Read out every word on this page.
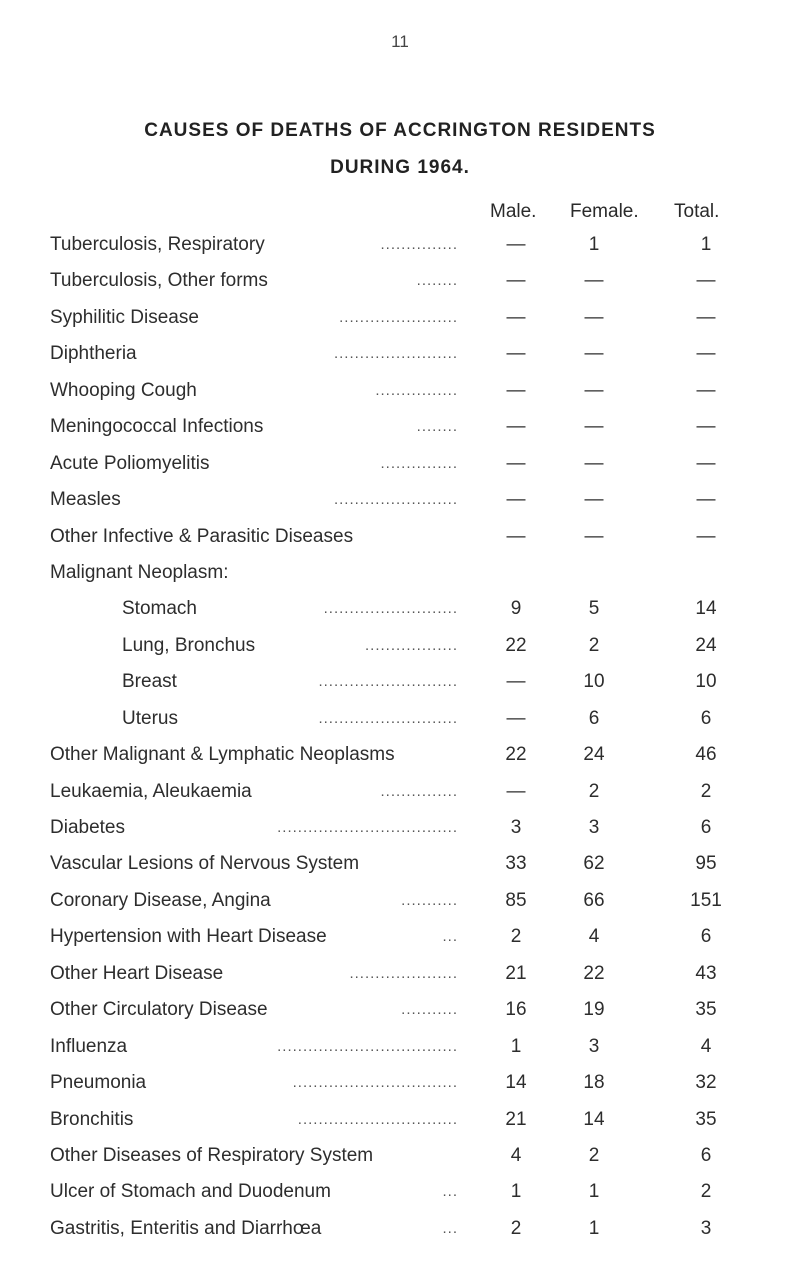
11
CAUSES OF DEATHS OF ACCRINGTON RESIDENTS
DURING 1964.
Male. Female. Total.
Tuberculosis, Respiratory	...............	—	1	1
Tuberculosis, Other forms	........	—	—	—
Syphilitic Disease	.......................	—	—	—
Diphtheria	........................	—	—	—
Whooping Cough	................	—	—	—
Meningococcal Infections	........	—	—	—
Acute Poliomyelitis	...............	—	—	—
Measles	........................	—	—	—
Other Infective & Parasitic Diseases	—	—	—
Malignant Neoplasm:
Stomach	..........................	9	5	14
Lung, Bronchus	..................	22	2	24
Breast	...........................	—	10	10
Uterus	...........................	—	6	6
Other Malignant & Lymphatic Neoplasms	22	24	46
Leukaemia, Aleukaemia	...............	—	2	2
Diabetes	...................................	3	3	6
Vascular Lesions of Nervous System	33	62	95
Coronary Disease, Angina	...........	85	66	151
Hypertension with Heart Disease	...	2	4	6
Other Heart Disease	.....................	21	22	43
Other Circulatory Disease	...........	16	19	35
Influenza	...................................	1	3	4
Pneumonia	................................	14	18	32
Bronchitis	...............................	21	14	35
Other Diseases of Respiratory System	4	2	6
Ulcer of Stomach and Duodenum	...	1	1	2
Gastritis, Enteritis and Diarrhœa	...	2	1	3
